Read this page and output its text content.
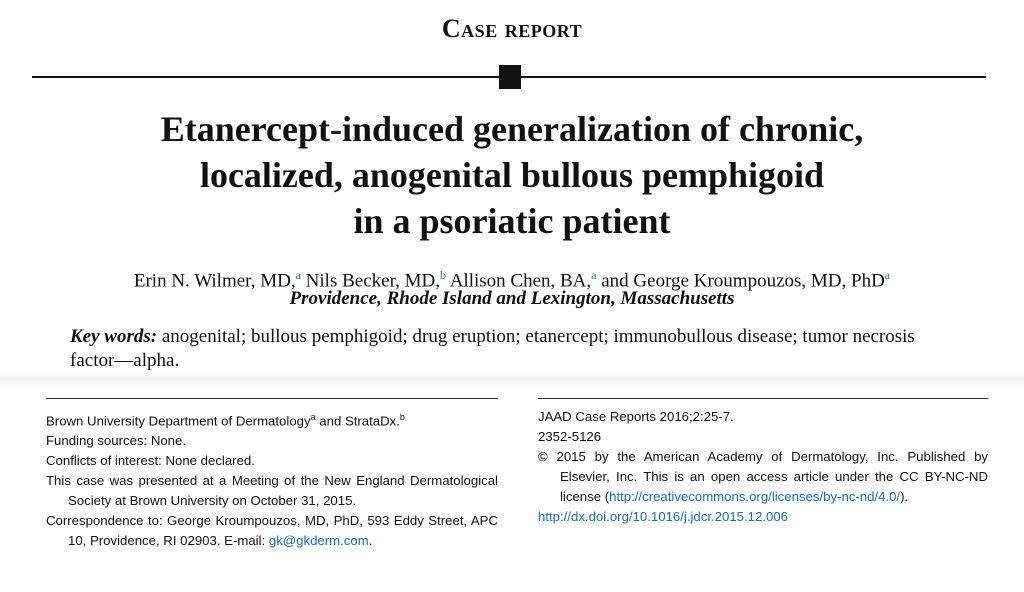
Case report
Etanercept-induced generalization of chronic,
localized, anogenital bullous pemphigoid
in a psoriatic patient

Erin N. Wilmer, MD,$^a$ Nils Becker, MD,$^b$ Allison Chen, BA,$^a$ and George Kroumpouzos, MD, PhD$^a$

Providence, Rhode Island and Lexington, Massachusetts

Key words: anogenital; bullous pemphigoid; drug eruption; etanercept; immunobullous disease; tumor necrosis factor—alpha.

Brown University Department of Dermatology$^a$ and StrataDx.$^b$

Funding sources: None.

Conflicts of interest: None declared.

This case was presented at a Meeting of the New England Dermatological Society at Brown University on October 31, 2015.

Correspondence to: George Kroumpouzos, MD, PhD, 593 Eddy Street, APC 10, Providence, RI 02903. E-mail: gk@gkderm.com.

JAAD Case Reports 2016;2:25-7.

2352-5126

© 2015 by the American Academy of Dermatology, Inc. Published by Elsevier, Inc. This is an open access article under the CC BY-NC-ND license (http://creativecommons.org/licenses/by-nc-nd/4.0/).

http://dx.doi.org/10.1016/j.jdcr.2015.12.006
